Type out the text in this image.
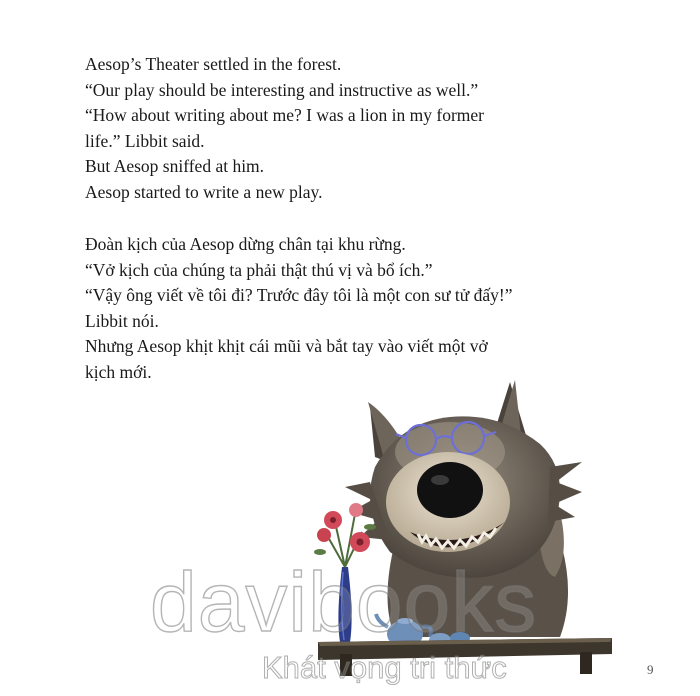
Aesop’s Theater settled in the forest.
“Our play should be interesting and instructive as well.”
“How about writing about me? I was a lion in my former
life.” Libbit said.
But Aesop sniffed at him.
Aesop started to write a new play.
Đoàn kịch của Aesop dừng chân tại khu rừng.
“Vở kịch của chúng ta phải thật thú vị và bổ ích.”
“Vậy ông viết về tôi đi? Trước đây tôi là một con sư tử đấy!”
Libbit nói.
Nhưng Aesop khịt khịt cái mũi và bắt tay vào viết một vở
kịch mới.
davibooks
Khát vọng tri thức	9
